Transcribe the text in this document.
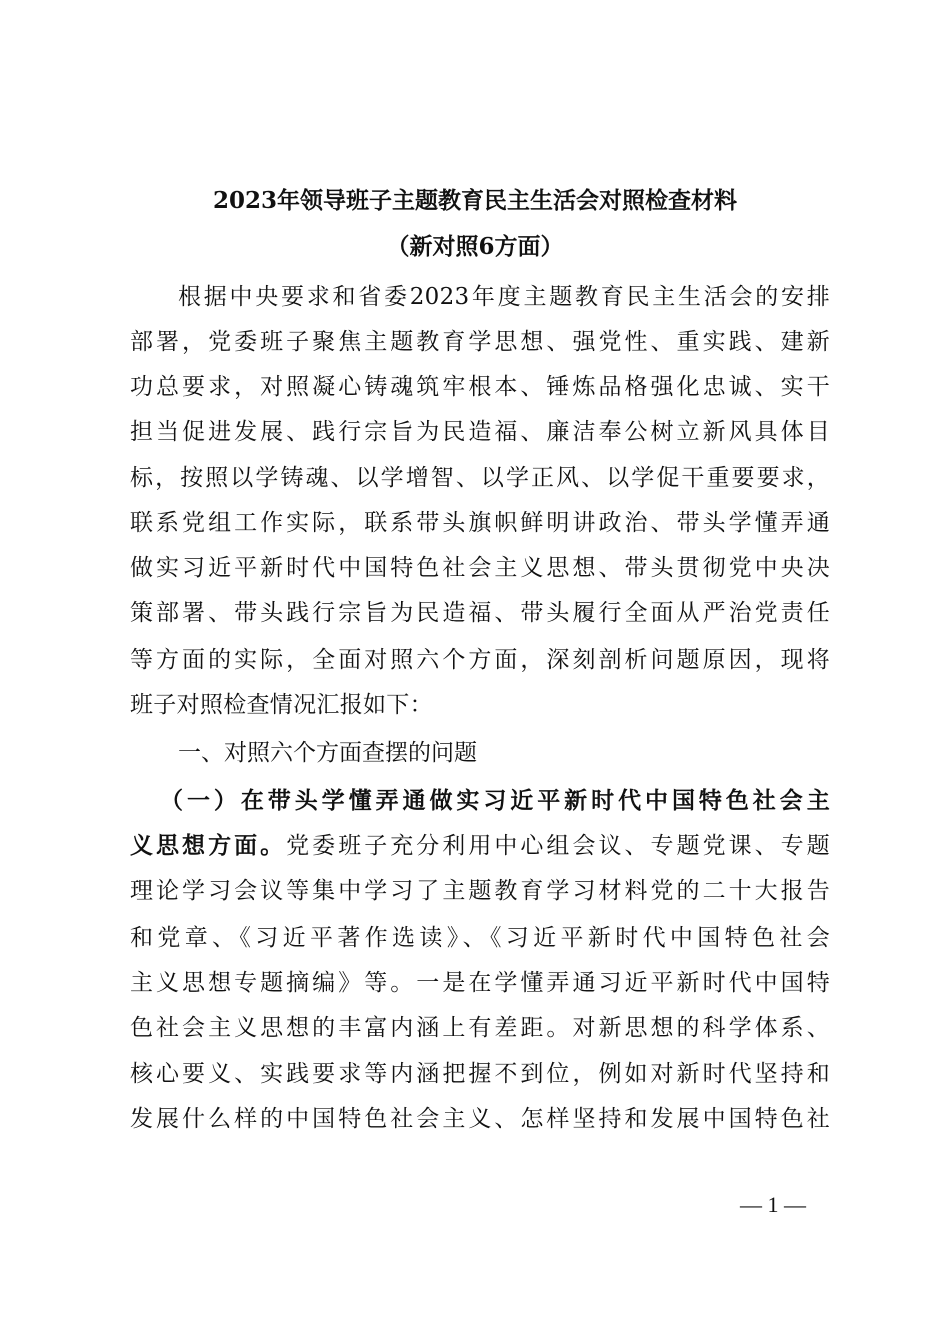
2023年领导班子主题教育民主生活会对照检查材料
（新对照6方面）
根据中央要求和省委2023年度主题教育民主生活会的安排
部署，党委班子聚焦主题教育学思想、强党性、重实践、建新
功总要求，对照凝心铸魂筑牢根本、锤炼品格强化忠诚、实干
担当促进发展、践行宗旨为民造福、廉洁奉公树立新风具体目
标，按照以学铸魂、以学增智、以学正风、以学促干重要要求，
联系党组工作实际，联系带头旗帜鲜明讲政治、带头学懂弄通
做实习近平新时代中国特色社会主义思想、带头贯彻党中央决
策部署、带头践行宗旨为民造福、带头履行全面从严治党责任
等方面的实际，全面对照六个方面，深刻剖析问题原因，现将
班子对照检查情况汇报如下：
一、对照六个方面查摆的问题
（一）在带头学懂弄通做实习近平新时代中国特色社会主
义思想方面。党委班子充分利用中心组会议、专题党课、专题
理论学习会议等集中学习了主题教育学习材料党的二十大报告
和党章、《习近平著作选读》、《习近平新时代中国特色社会
主义思想专题摘编》等。一是在学懂弄通习近平新时代中国特
色社会主义思想的丰富内涵上有差距。对新思想的科学体系、
核心要义、实践要求等内涵把握不到位，例如对新时代坚持和
发展什么样的中国特色社会主义、怎样坚持和发展中国特色社
— 1 —
